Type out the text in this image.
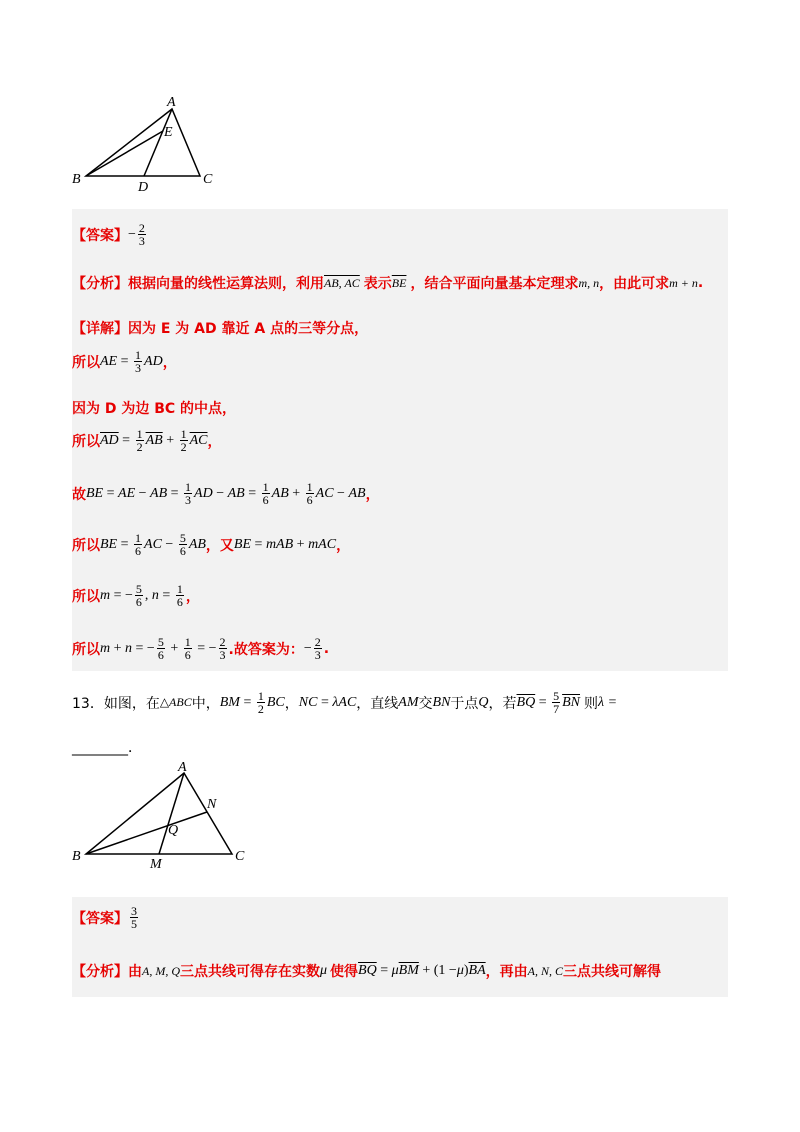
A
B	C
D
E
【答案】 − $\frac{2}{3}$
【分析】 根据向量的线性运算法则，利用 AB, AC 表示 $\overline{BE}$ ，结合平面向量基本定理求 m, n ，由此可求 m + n .
【详解】 因为 E 为 AD 靠近 A 点的三等分点，
所以 AE = $\frac{1}{3}$ AD ，
因为 D 为边 BC 的中点，
所以 $\overline{AD} = \frac{1}{2} \overline{AB} + \frac{1}{2} \overline{AC}$ ，
故 BE = AE − AB = $\frac{1}{3}$ AD − AB = $\frac{1}{6}$ AB + $\frac{1}{6}$ AC − AB ，
所以 BE = $\frac{1}{6}$ AC − $\frac{5}{6}$ AB ，又 BE = mAB + mAC ，
所以 m = − $\frac{5}{6}$ , $n = \frac{1}{6}$ ，
所以 m + n = − $\frac{5}{6} + \frac{1}{6}$ = − $\frac{2}{3}$ .故答案为： − $\frac{2}{3}$ .
13．如图，在 △ABC 中， BM = $\frac{1}{2}$ BC ， NC = λAC ，直线 AM 交 BN 于点 Q ，若 $\overline{BQ} = \frac{5}{7} \overline{BN}$ 则 λ =
________．
A
B	C
M
N
Q
【答案】 $\frac{3}{5}$
【分析】 由 A, M, Q 三点共线可得存在实数 μ 使得 $\overline{BQ} = \mu$ $\overline{BM} + (1 - \mu$ ) $\overline{BA}$ ，再由 A, N, C 三点共线可解得
